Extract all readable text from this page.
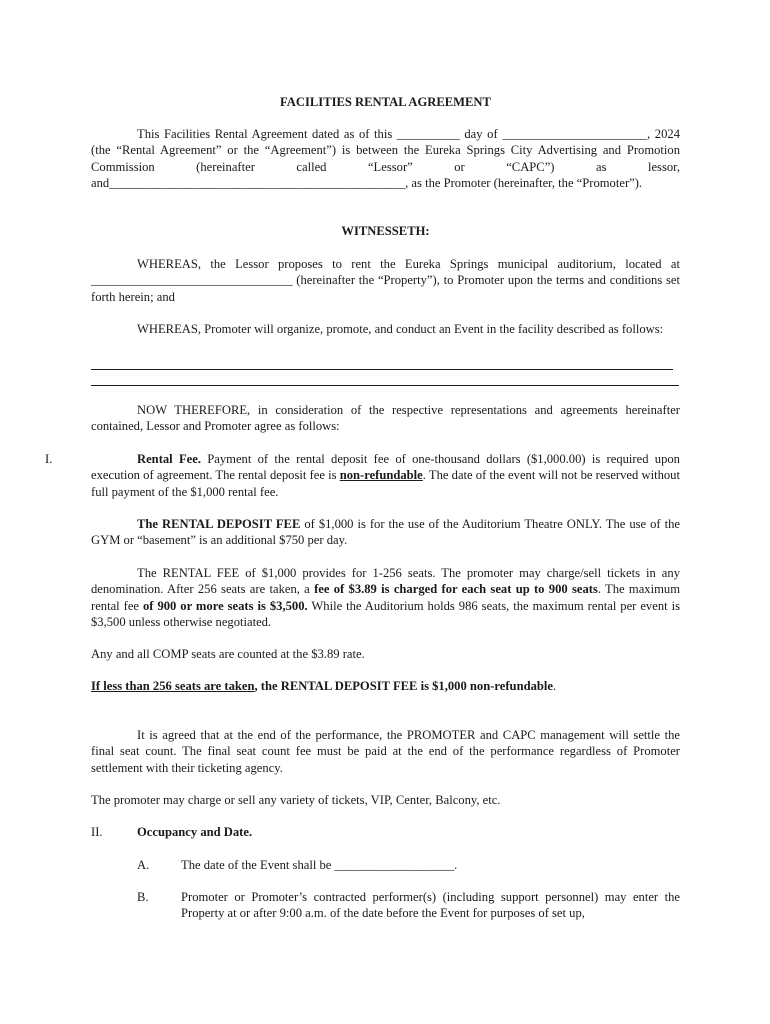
FACILITIES RENTAL AGREEMENT

This Facilities Rental Agreement dated as of this __________ day of _______________________, 2024 (the “Rental Agreement” or the “Agreement”) is between the Eureka Springs City Advertising and Promotion Commission (hereinafter called “Lessor” or “CAPC”) as lessor, and_______________________________________________, as the Promoter (hereinafter, the “Promoter”).

WITNESSETH:

WHEREAS, the Lessor proposes to rent the Eureka Springs municipal auditorium, located at ________________________________ (hereinafter the “Property”), to Promoter upon the terms and conditions set forth herein; and

WHEREAS, Promoter will organize, promote, and conduct an Event in the facility described as follows:

NOW THEREFORE, in consideration of the respective representations and agreements hereinafter contained, Lessor and Promoter agree as follows:

I.	Rental Fee. Payment of the rental deposit fee of one-thousand dollars ($1,000.00) is required upon execution of agreement. The rental deposit fee is non-refundable. The date of the event will not be reserved without full payment of the $1,000 rental fee.

The RENTAL DEPOSIT FEE of $1,000 is for the use of the Auditorium Theatre ONLY. The use of the GYM or “basement” is an additional $750 per day.

The RENTAL FEE of $1,000 provides for 1-256 seats. The promoter may charge/sell tickets in any denomination. After 256 seats are taken, a fee of $3.89 is charged for each seat up to 900 seats. The maximum rental fee of 900 or more seats is $3,500. While the Auditorium holds 986 seats, the maximum rental per event is $3,500 unless otherwise negotiated.

Any and all COMP seats are counted at the $3.89 rate.

If less than 256 seats are taken, the RENTAL DEPOSIT FEE is $1,000 non-refundable.

It is agreed that at the end of the performance, the PROMOTER and CAPC management will settle the final seat count. The final seat count fee must be paid at the end of the performance regardless of Promoter settlement with their ticketing agency.

The promoter may charge or sell any variety of tickets, VIP, Center, Balcony, etc.

II.	Occupancy and Date.

A.	The date of the Event shall be ___________________.

B.	Promoter or Promoter’s contracted performer(s) (including support personnel) may enter the Property at or after 9:00 a.m. of the date before the Event for purposes of set up,
